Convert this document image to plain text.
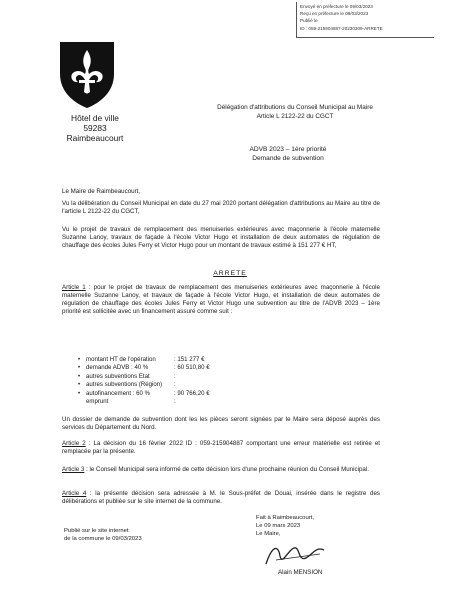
Envoyé en préfecture le 09/03/2023
Reçu en préfecture le 09/03/2023
Publié le
ID : 059-215904887-20230309-ARRETE
Hôtel de ville
59283 Raimbeaucourt
Délégation d'attributions du Conseil Municipal au Maire
Article L 2122-22 du CGCT
ADVB 2023 – 1ère priorité
Demande de subvention
Le Maire de Raimbeaucourt,
Vu la délibération du Conseil Municipal en date du 27 mai 2020 portant délégation d'attributions au Maire au titre de l'article L 2122-22 du CGCT,
Vu le projet de travaux de remplacement des menuiseries extérieures avec maçonnerie à l'école maternelle Suzanne Lanoy, travaux de façade à l'école Victor Hugo et installation de deux automates de régulation de chauffage des écoles Jules Ferry et Victor Hugo pour un montant de travaux estimé à 151 277 € HT,
ARRETE
Article 1 : pour le projet de travaux de remplacement des menuiseries extérieures avec maçonnerie à l'école maternelle Suzanne Lanoy, et travaux de façade à l'école Victor Hugo, et installation de deux automates de régulation de chauffage des écoles Jules Ferry et Victor Hugo une subvention au titre de l'ADVB 2023 – 1ère priorité est sollicitée avec un financement assuré comme suit :
• montant HT de l'opération	: 151 277 €
• demande ADVB : 40 %	: 60 510,80 €
• autres subventions Etat	:
• autres subventions (Région)	:
• autofinancement : 60 %	: 90 766,20 €
emprunt	:
Un dossier de demande de subvention dont les les pièces seront signées par le Maire sera déposé auprès des services du Département du Nord.
Article 2 : La décision du 16 février 2022 ID : 059-215904887 comportant une erreur matérielle est retirée et remplacée par la présente.
Article 3 : le Conseil Municipal sera informé de cette décision lors d'une prochaine réunion du Conseil Municipal.
Article 4 : la présente décision sera adressée à M. le Sous-préfet de Douai, insérée dans le registre des délibérations et publiée sur le site internet de la commune.
Publié sur le site internet
de la commune le 09/03/2023
Fait à Raimbeaucourt,
Le 09 mars 2023
Le Maire,
Alain MENSION
